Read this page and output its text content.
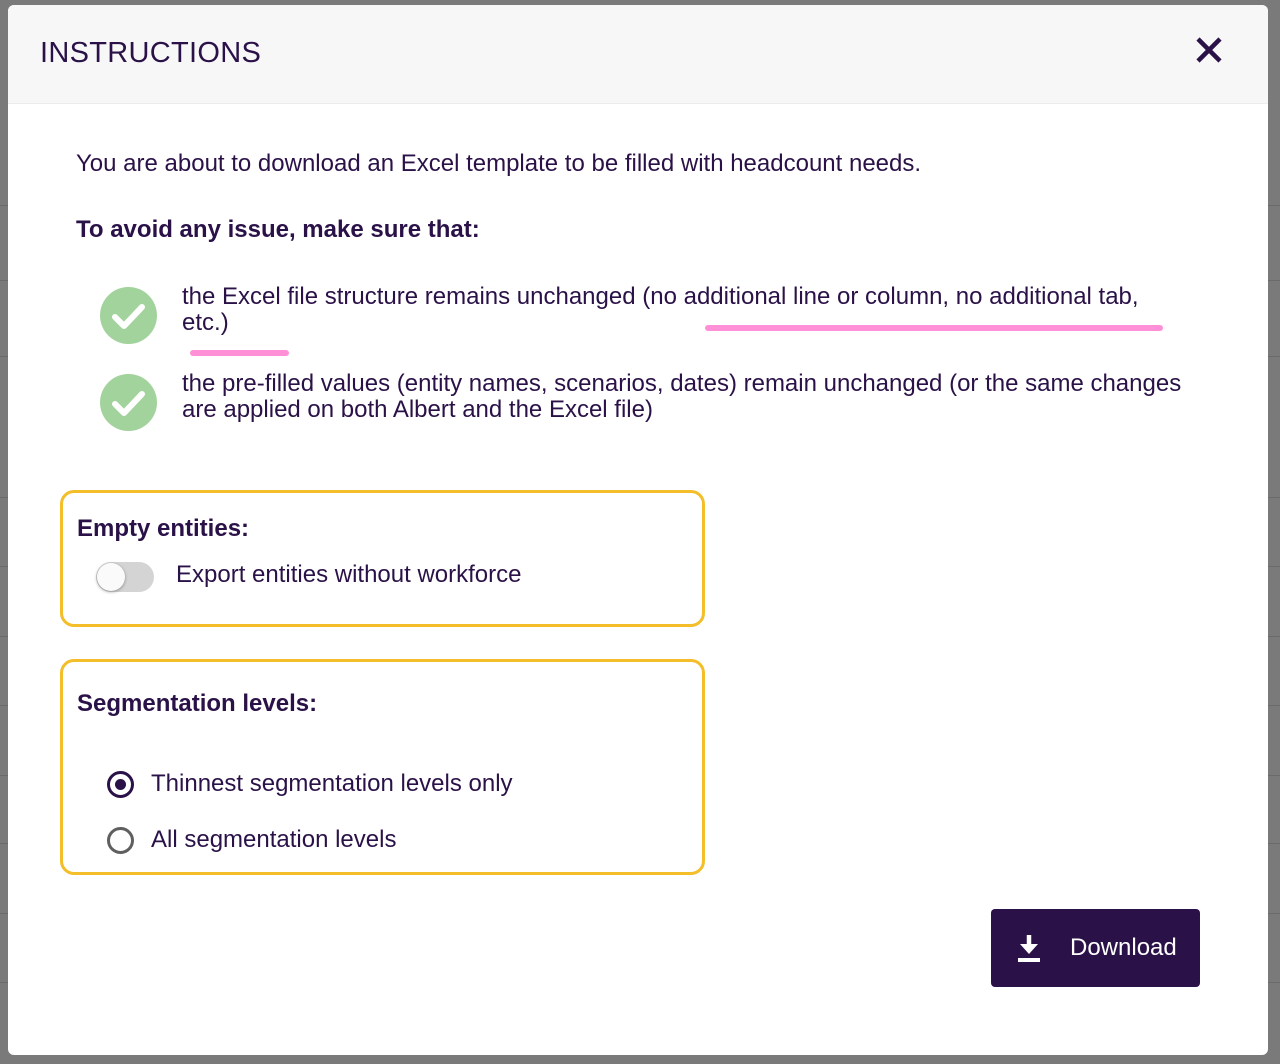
INSTRUCTIONS
You are about to download an Excel template to be filled with headcount needs.
To avoid any issue, make sure that:
the Excel file structure remains unchanged (no additional line or column, no additional tab, etc.)
the pre-filled values (entity names, scenarios, dates) remain unchanged (or the same changes are applied on both Albert and the Excel file)
Empty entities:
Export entities without workforce
Segmentation levels:
Thinnest segmentation levels only
All segmentation levels
Download
